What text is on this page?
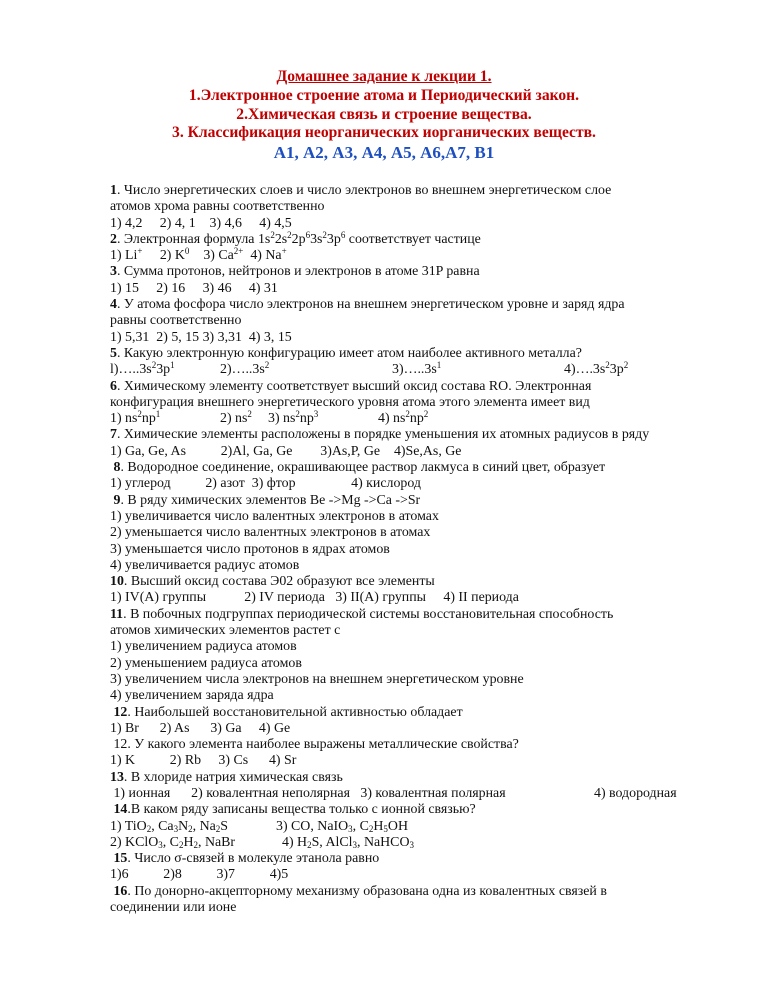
Домашнее задание к лекции 1.
1.Электронное строение атома и Периодический закон.
2.Химическая связь и строение вещества.
3. Классификация неорганических иорганических веществ.
А1, А2, А3, А4, А5, А6,А7, В1
1. Число энергетических слоев и число электронов во внешнем энергетическом слое
атомов хрома равны соответственно
1) 4,2     2) 4, 1    3) 4,6     4) 4,5
2. Электронная формула $1s^22s^22p^63s^23p^6$ соответствует частице
1) Li+ 2) $K^0$ 3) $Ca^{2+}$ 4) Na+
3. Сумма протонов, нейтронов и электронов в атоме 31P равна
1) 15     2) 16     3) 46     4) 31
4. У атома фосфора число электронов на внешнем энергетическом уровне и заряд ядра
равны соответственно
1) 5,31  2) 5, 15 3) 3,31  4) 3, 15
5. Какую электронную конфигурацию имеет атом наиболее активного металла?
$l)\dots..3s^23p^1$	$2)\dots..3s^2$	$3)\dots..3s^1$	$4)\dots.3s^23p^2$
6. Химическому элементу соответствует высший оксид состава RO. Электронная
конфигурация внешнего энергетического уровня атома этого элемента имеет вид
1) $ns^2np^1$	2) $ns^2$ 3) $ns^2np^3$	4) $ns^2np^2$
7. Химические элементы расположены в порядке уменьшения их атомных радиусов в ряду
1) Ga, Ge, As          2)Al, Ga, Ge        3)As,P, Ge    4)Se,As, Ge
8. Водородное соединение, окрашивающее раствор лакмуса в синий цвет, образует
1) углерод          2) азот  3) фтор                4) кислород
9. В ряду химических элементов Be ->Mg ->Ca ->Sr
1) увеличивается число валентных электронов в атомах
2) уменьшается число валентных электронов в атомах
3) уменьшается число протонов в ядрах атомов
4) увеличивается радиус атомов
10. Высший оксид состава Э02 образуют все элементы
1) IV(А) группы           2) IV периода   3) II(А) группы     4) II периода
11. В побочных подгруппах периодической системы восстановительная способность
атомов химических элементов растет с
1) увеличением радиуса атомов
2) уменьшением радиуса атомов
3) увеличением числа электронов на внешнем энергетическом уровне
4) увеличением заряда ядра
12. Наибольшей восстановительной активностью обладает
1) Br      2) As      3) Ga     4) Ge
12. У какого элемента наиболее выражены металлические свойства?
1) K          2) Rb     3) Cs      4) Sr
13. В хлориде натрия химическая связь
1) ионная      2) ковалентная неполярная   3) ковалентная полярная	4) водородная
14.В каком ряду записаны вещества только с ионной связью?
1) TiO$_2$, $Ca_3N_2$, $Na_2S$	3) CO, NaIO$_3$, $C_2H_5OH$
2) KClO$_3$, $C_2H_2$, NaBr	4) $H_2S$, AlCl$_3$, NaHCO$_3$
15. Число σ-связей в молекуле этанола равно
1)6          2)8          3)7          4)5
16. По донорно-акцепторному механизму образована одна из ковалентных связей в
соединении или ионе
